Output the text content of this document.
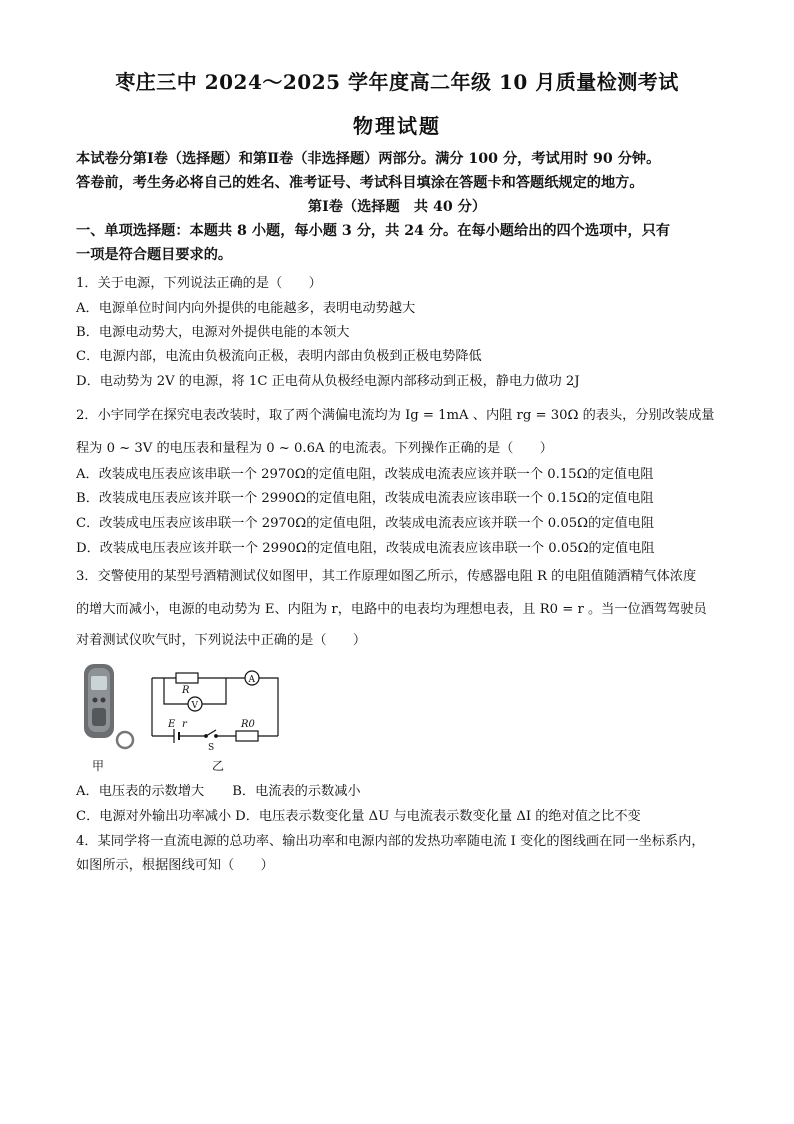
枣庄三中 2024～2025 学年度高二年级 10 月质量检测考试
物理试题
本试卷分第Ⅰ卷（选择题）和第Ⅱ卷（非选择题）两部分。满分 100 分，考试用时 90 分钟。
答卷前，考生务必将自己的姓名、准考证号、考试科目填涂在答题卡和答题纸规定的地方。
第Ⅰ卷（选择题　共 40 分）
一、单项选择题：本题共 8 小题，每小题 3 分，共 24 分。在每小题给出的四个选项中，只有
一项是符合题目要求的。
1．关于电源，下列说法正确的是（　　）
A．电源单位时间内向外提供的电能越多，表明电动势越大
B．电源电动势大，电源对外提供电能的本领大
C．电源内部，电流由负极流向正极，表明内部由负极到正极电势降低
D．电动势为 2V 的电源，将 1C 正电荷从负极经电源内部移动到正极，静电力做功 2J
2．小宇同学在探究电表改装时，取了两个满偏电流均为 Ig = 1mA 、内阻 rg = 30Ω 的表头，分别改装成量
程为 0 ~ 3V 的电压表和量程为 0 ~ 0.6A 的电流表。下列操作正确的是（　　）
A．改装成电压表应该串联一个 2970Ω的定值电阻，改装成电流表应该并联一个 0.15Ω的定值电阻
B．改装成电压表应该并联一个 2990Ω的定值电阻，改装成电流表应该串联一个 0.15Ω的定值电阻
C．改装成电压表应该串联一个 2970Ω的定值电阻，改装成电流表应该并联一个 0.05Ω的定值电阻
D．改装成电压表应该并联一个 2990Ω的定值电阻，改装成电流表应该串联一个 0.05Ω的定值电阻
3．交警使用的某型号酒精测试仪如图甲，其工作原理如图乙所示，传感器电阻 R 的电阻值随酒精气体浓度
的增大而减小，电源的电动势为 E、内阻为 r，电路中的电表均为理想电表，且 R0 = r 。当一位酒驾驾驶员
对着测试仪吹气时，下列说法中正确的是（　　）
R
A
V
E r
S
R0
甲	乙
A．电压表的示数增大 B．电流表的示数减小
C．电源对外输出功率减小 D．电压表示数变化量 ΔU 与电流表示数变化量 ΔI 的绝对值之比不变
4．某同学将一直流电源的总功率、输出功率和电源内部的发热功率随电流 I 变化的图线画在同一坐标系内，
如图所示，根据图线可知（　　）
